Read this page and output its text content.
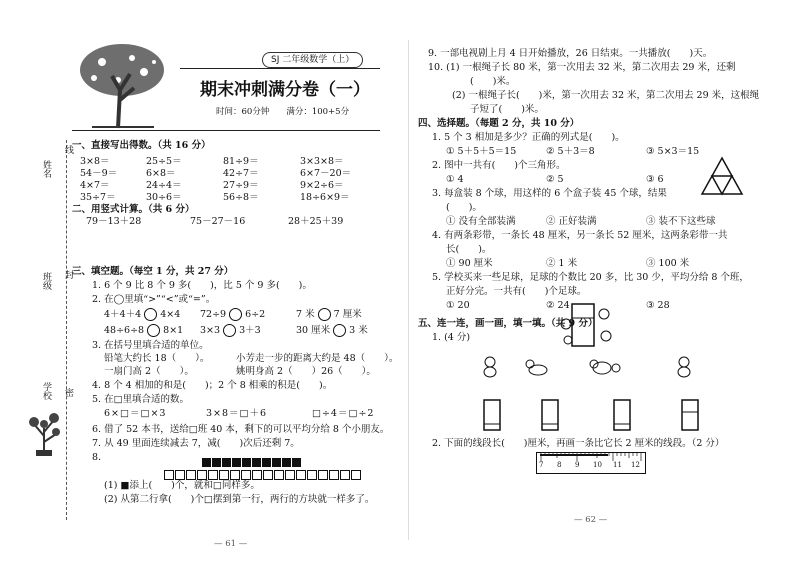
SJ 二年级数学（上）
期末冲刺满分卷（一）
时间：60分钟　　满分：100+5分
姓名
线
班级 封
学校 密
一、直接写出得数。（共 16 分）
3×8＝	25÷5＝	81÷9＝	3×3×8＝
54－9＝	6×8＝	42÷7＝	6×7－20＝
4×7＝	24÷4＝	27÷9＝	9×2÷6＝
35÷7＝	30÷6＝	56÷8＝	18÷6×9＝
二、用竖式计算。（共 6 分）
79－13＋28	75－27－16	28＋25＋39
三、填空题。（每空 1 分，共 27 分）
1. 6 个 9 比 8 个 9 多(　　)，比 5 个 9 多(　　)。
2. 在◯里填“>”“<”或“=”。
4＋4＋4 4×4 72÷9 6÷2	7 米 7 厘米
48÷6÷8 8×1 3×3 3＋3	30 厘米 3 米
3. 在括号里填合适的单位。
铅笔大约长 18（　　）。	小芳走一步的距离大约是 48（　　）。
一扇门高 2（　　）。	姚明身高 2（　　）26（　　）。
4. 8 个 4 相加的和是(　　)；2 个 8 相乘的积是(　　)。
5. 在□里填合适的数。
6×□＝□×3	3×8＝□＋6	□÷4＝□÷2
6. 借了 52 本书，送给□班 40 本，剩下的可以平均分给 8 个小朋友。
7. 从 49 里面连续减去 7，减(　　)次后还剩 7。
8.
(1) ■添上(　　)个，就和□同样多。
(2) 从第二行拿(　　)个□摆到第一行，两行的方块就一样多了。
— 61 —
9. 一部电视剧上月 4 日开始播放，26 日结束。一共播放(　　)天。
10. (1) 一根绳子长 80 米，第一次用去 32 米，第二次用去 29 米，还剩
(　　)米。
(2) 一根绳子长(　　)米，第一次用去 32 米，第二次用去 29 米，这根绳
子短了(　　)米。
四、选择题。（每题 2 分，共 10 分）
1. 5 个 3 相加是多少？正确的列式是(　　)。
① 5＋5＋5＝15	② 5＋3＝8	③ 5×3＝15
2. 图中一共有(　　)个三角形。
① 4	② 5	③ 6
3. 每盒装 8 个球，用这样的 6 个盒子装 45 个球，结果
(　　)。
① 没有全部装满	② 正好装满	③ 装不下这些球
4. 有两条彩带，一条长 48 厘米，另一条长 52 厘米，这两条彩带一共
长(　　)。
① 90 厘米	② 1 米	③ 100 米
5. 学校买来一些足球，足球的个数比 20 多，比 30 少，平均分给 8 个班，
正好分完。一共有(　　)个足球。
① 20	② 24	③ 28
五、连一连，画一画，填一填。（共 9 分）
1. (4 分)
2. 下面的线段长(　　)厘米，再画一条比它长 2 厘米的线段。（2 分）
7 8 9 10 11 12
— 62 —
